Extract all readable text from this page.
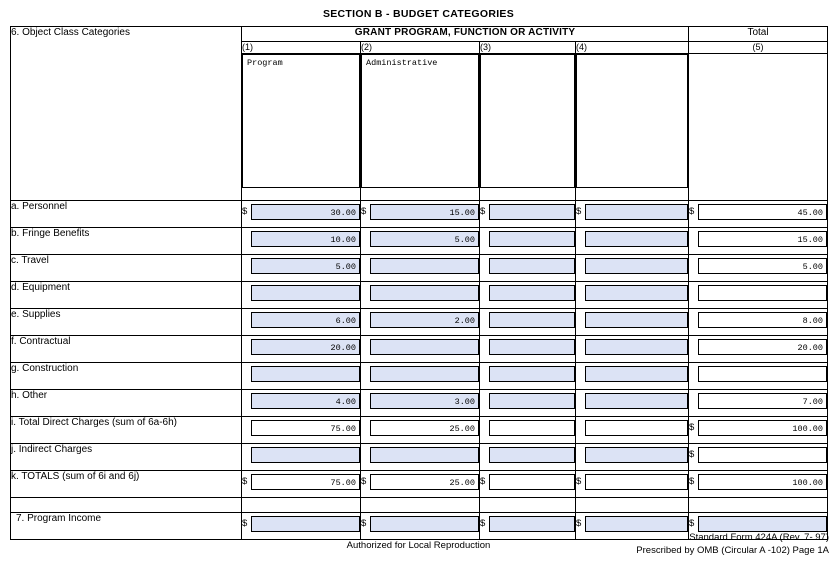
SECTION B - BUDGET CATEGORIES
6. Object Class Categories	GRANT PROGRAM, FUNCTION OR ACTIVITY				Total
	(1)	(2)	(3)	(4)	(5)

	Program	Administrative			

a. Personnel	$ 30.00	$ 15.00	$	$	$ 45.00

b. Fringe Benefits	10.00	5.00			15.00

c. Travel	5.00				5.00

d. Equipment	

e. Supplies	6.00	2.00			8.00

f. Contractual	20.00				20.00

g. Construction	

h. Other	4.00	3.00			7.00

i. Total Direct Charges (sum of 6a-6h)	75.00	25.00			$ 100.00

j. Indirect Charges					$

k. TOTALS (sum of 6i and 6j)	$ 75.00	$ 25.00	$	$	$ 100.00

7. Program Income	$	$	$	$	$
Authorized for Local Reproduction
Standard Form 424A (Rev. 7- 97)
Prescribed by OMB (Circular A -102) Page 1A
